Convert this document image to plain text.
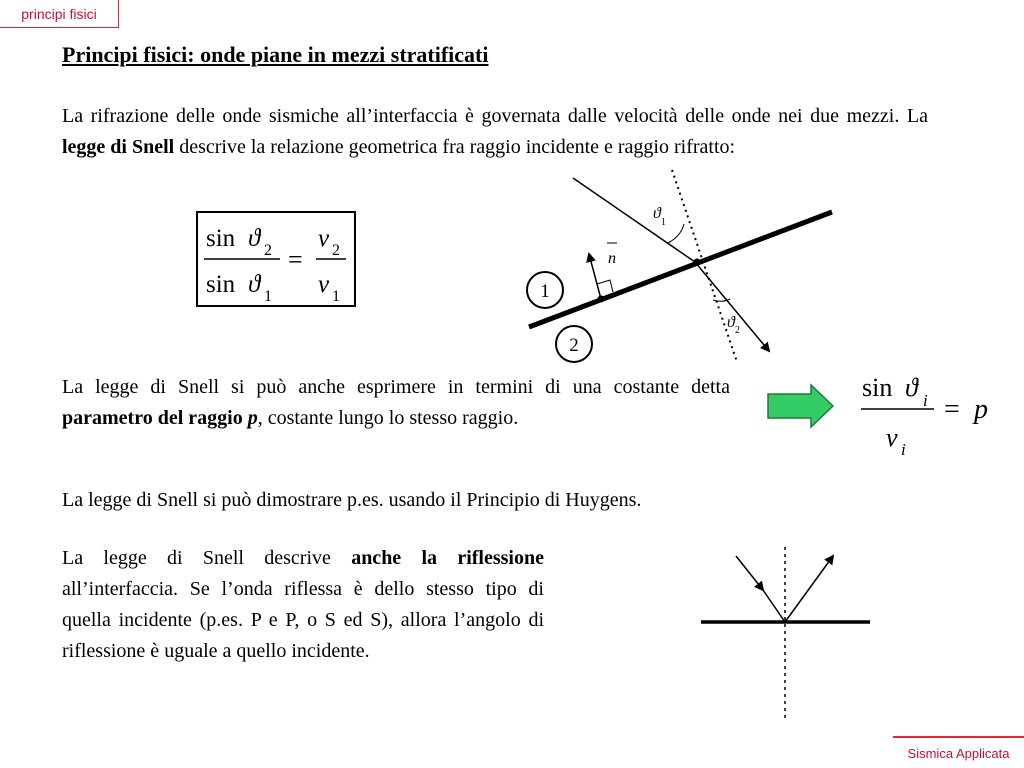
principi fisici
Principi fisici: onde piane in mezzi stratificati
La rifrazione delle onde sismiche all’interfaccia è governata dalle velocità delle onde nei due mezzi. La legge di Snell descrive la relazione geometrica fra raggio incidente e raggio rifratto:
sin ϑ 2
sin ϑ 1
=
v 2
v 1
ϑ
1
ϑ 2
n
1
2
La legge di Snell si può anche esprimere in termini di una costante detta parametro del raggio p, costante lungo lo stesso raggio.
sin ϑ i
v i
= p
La legge di Snell si può dimostrare p.es. usando il Principio di Huygens.
La legge di Snell descrive anche la riflessione all’interfaccia. Se l’onda riflessa è dello stesso tipo di quella incidente (p.es. P e P, o S ed S), allora l’angolo di riflessione è uguale a quello incidente.
Sismica Applicata
